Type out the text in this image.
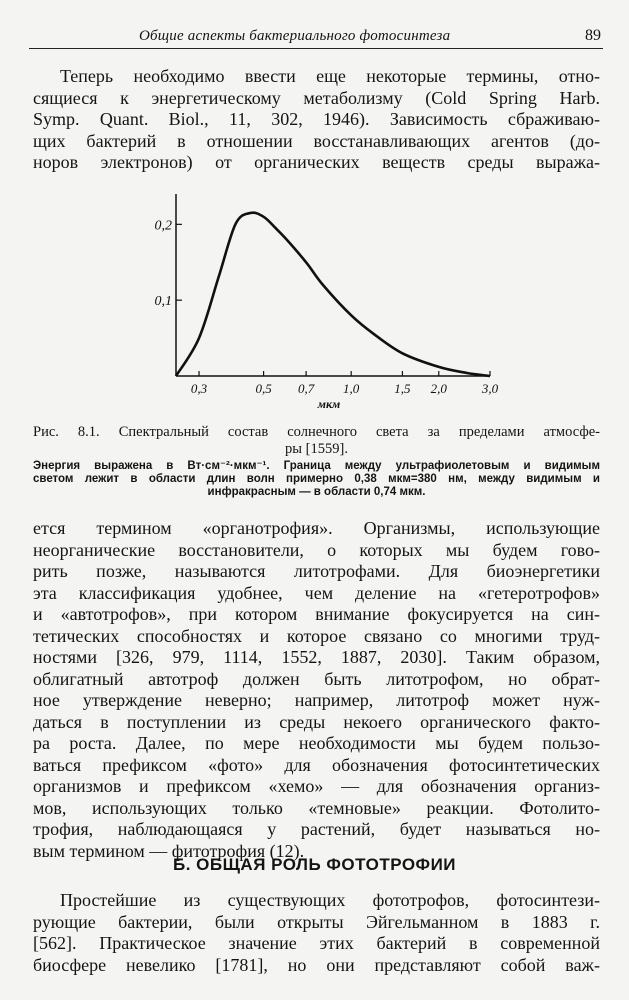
Общие аспекты бактериального фотосинтеза	89
Теперь необходимо ввести еще некоторые термины, отно-
сящиеся к энергетическому метаболизму (Cold Spring Harb.
Symp. Quant. Biol., 11, 302, 1946). Зависимость сбраживаю-
щих бактерий в отношении восстанавливающих агентов (до-
норов электронов) от органических веществ среды выража-
0,3	0,5 0,7 1,0	1,5 2,0	3,0
0,1
0,2
мкм
Рис. 8.1. Спектральный состав солнечного света за пределами атмосфе-
ры [1559].
Энергия выражена в Вт·см⁻²·мкм⁻¹. Граница между ультрафиолетовым и видимым
светом лежит в области длин волн примерно 0,38 мкм=380 нм, между видимым и
инфракрасным — в области 0,74 мкм.
ется термином «органотрофия». Организмы, использующие
неорганические восстановители, о которых мы будем гово-
рить позже, называются литотрофами. Для биоэнергетики
эта классификация удобнее, чем деление на «гетеротрофов»
и «автотрофов», при котором внимание фокусируется на син-
тетических способностях и которое связано со многими труд-
ностями [326, 979, 1114, 1552, 1887, 2030]. Таким образом,
облигатный автотроф должен быть литотрофом, но обрат-
ное утверждение неверно; например, литотроф может нуж-
даться в поступлении из среды некоего органического факто-
ра роста. Далее, по мере необходимости мы будем пользо-
ваться префиксом «фото» для обозначения фотосинтетических
организмов и префиксом «хемо» — для обозначения организ-
мов, использующих только «темновые» реакции. Фотолито-
трофия, наблюдающаяся у растений, будет называться но-
вым термином — фитотрофия (12).
Б. ОБЩАЯ РОЛЬ ФОТОТРОФИИ
Простейшие из существующих фототрофов, фотосинтези-
рующие бактерии, были открыты Эйгельманном в 1883 г.
[562]. Практическое значение этих бактерий в современной
биосфере невелико [1781], но они представляют собой важ-
